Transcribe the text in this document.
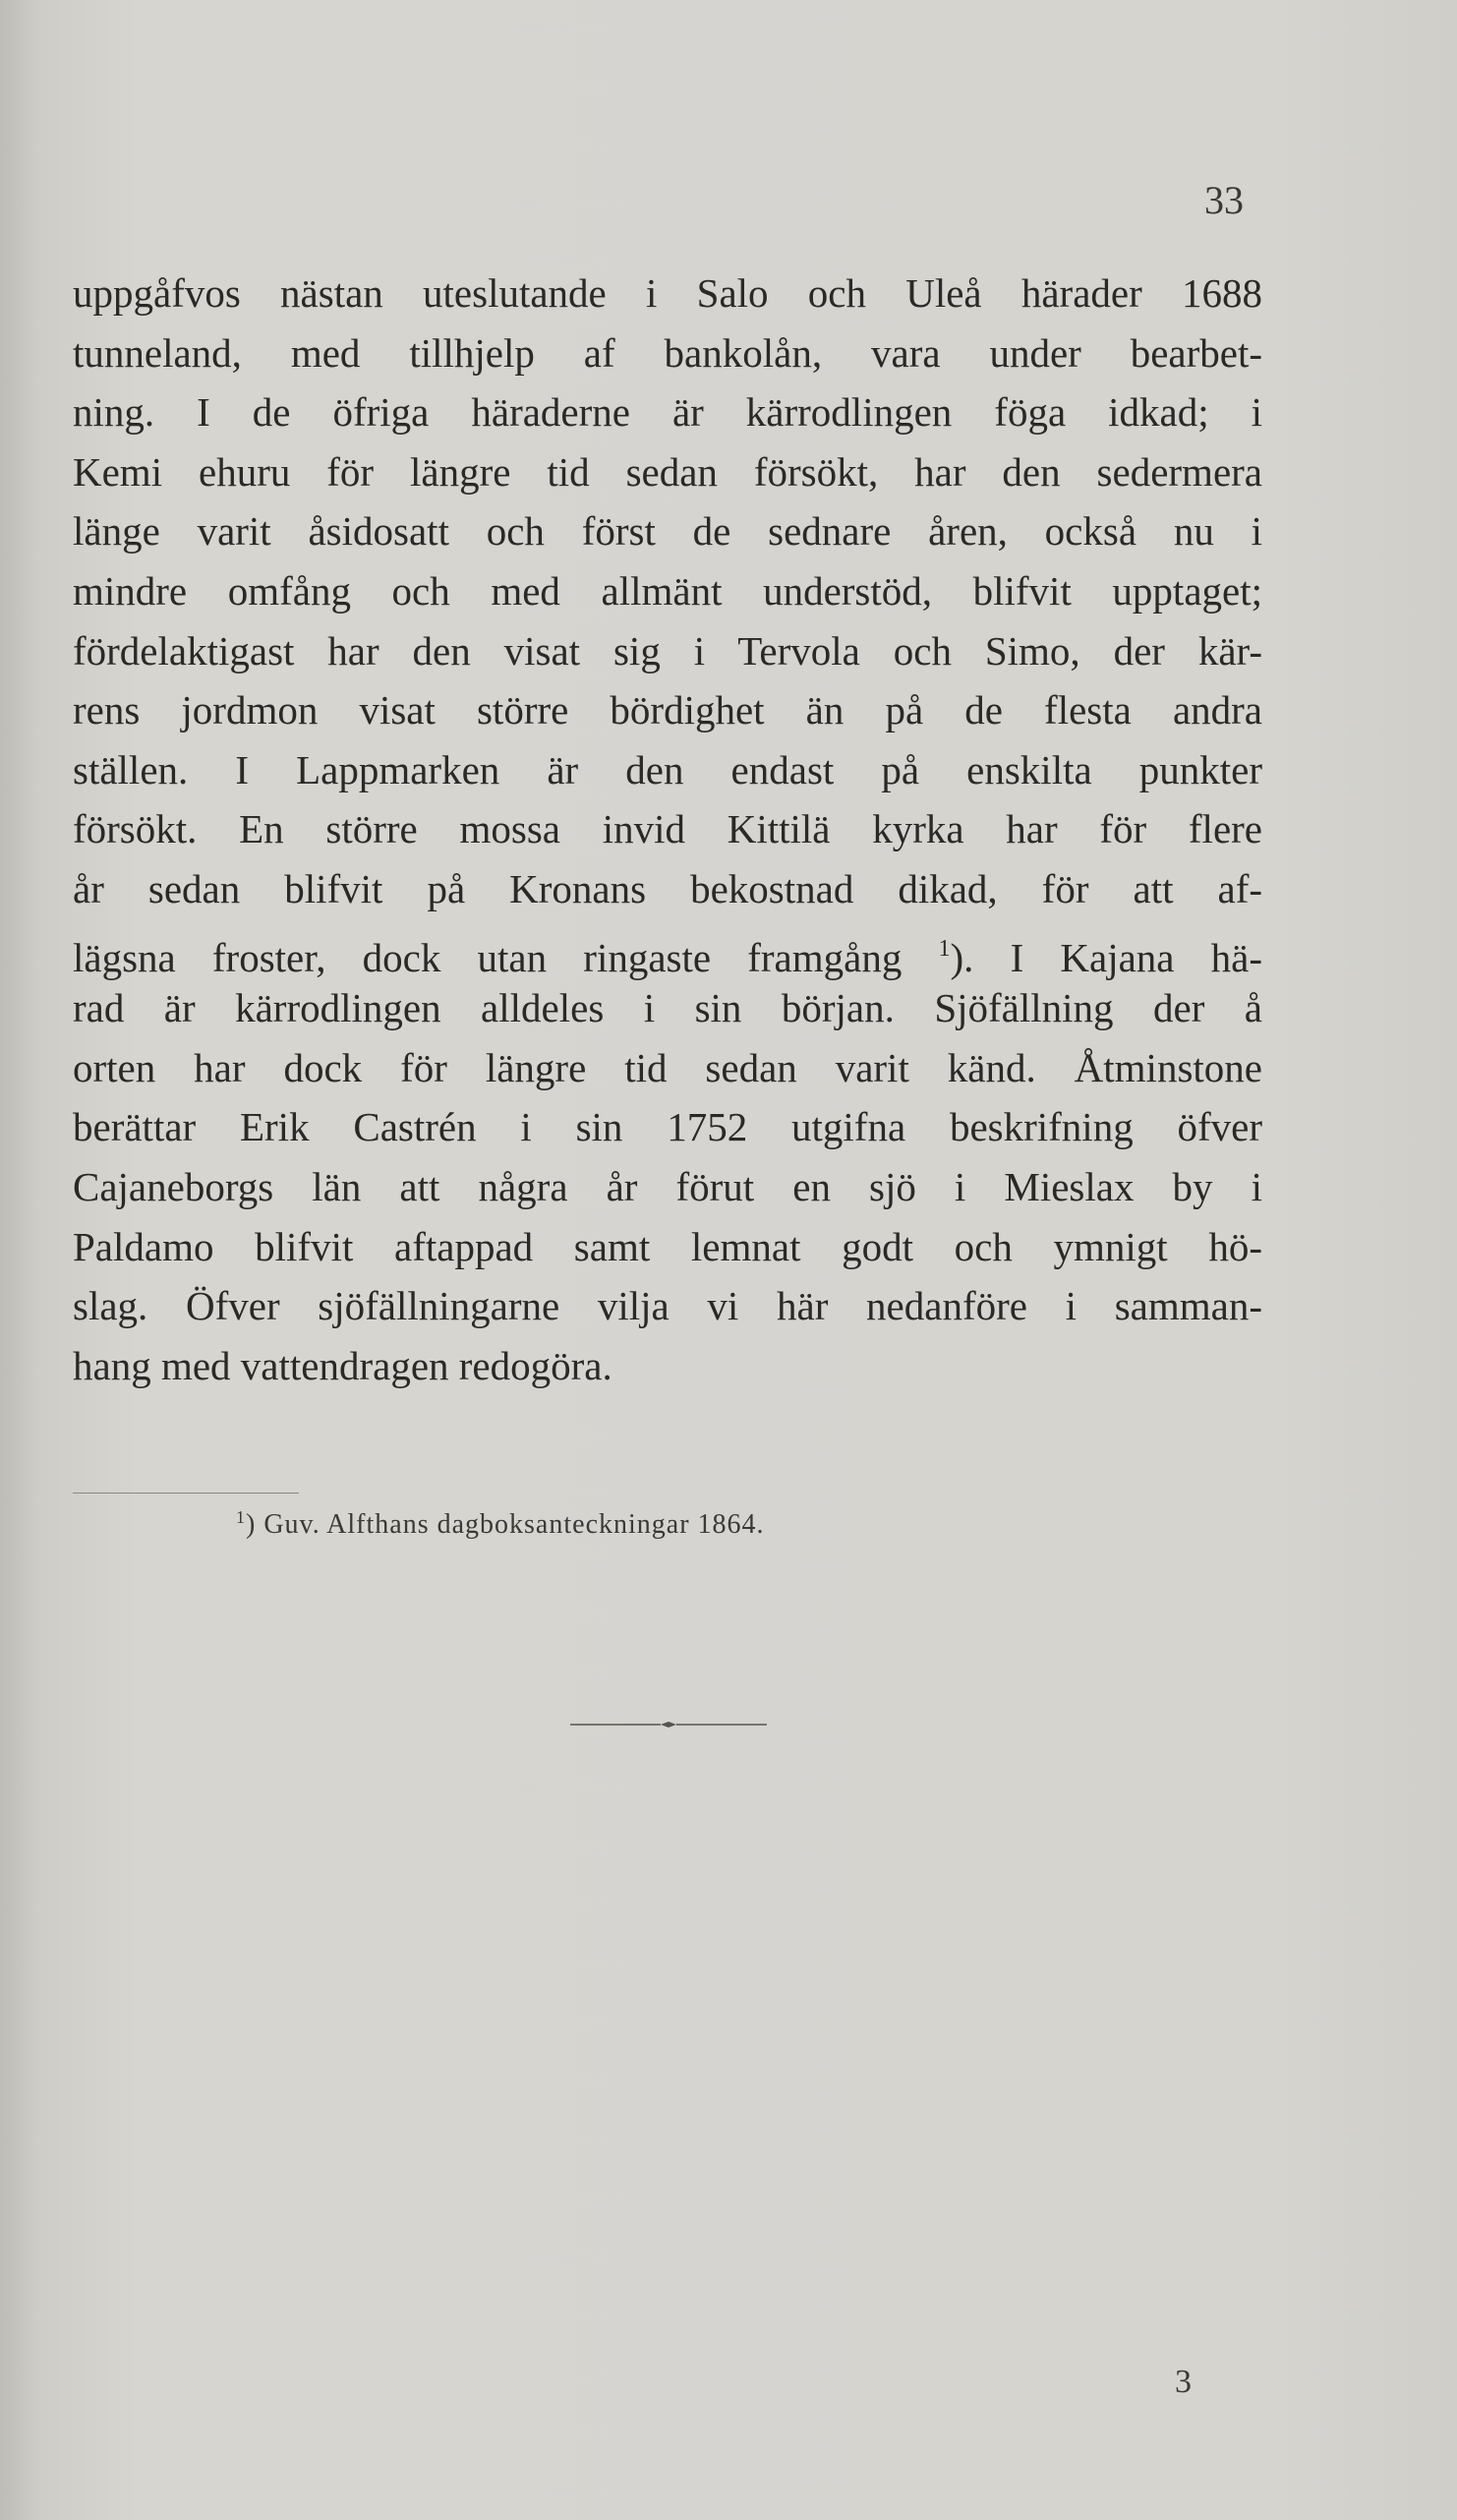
33
uppgåfvos nästan uteslutande i Salo och Uleå härader 1688
tunneland, med tillhjelp af bankolån, vara under bearbet-
ning. I de öfriga häraderne är kärrodlingen föga idkad; i
Kemi ehuru för längre tid sedan försökt, har den sedermera
länge varit åsidosatt och först de sednare åren, också nu i
mindre omfång och med allmänt understöd, blifvit upptaget;
fördelaktigast har den visat sig i Tervola och Simo, der kär-
rens jordmon visat större bördighet än på de flesta andra
ställen. I Lappmarken är den endast på enskilta punkter
försökt. En större mossa invid Kittilä kyrka har för flere
år sedan blifvit på Kronans bekostnad dikad, för att af-
lägsna froster, dock utan ringaste framgång $^1$). I Kajana hä-
rad är kärrodlingen alldeles i sin början. Sjöfällning der å
orten har dock för längre tid sedan varit känd. Åtminstone
berättar Erik Castrén i sin 1752 utgifna beskrifning öfver
Cajaneborgs län att några år förut en sjö i Mieslax by i
Paldamo blifvit aftappad samt lemnat godt och ymnigt hö-
slag. Öfver sjöfällningarne vilja vi här nedanföre i samman-
hang med vattendragen redogöra.
$^1$) Guv. Alfthans dagboksanteckningar 1864.
3
